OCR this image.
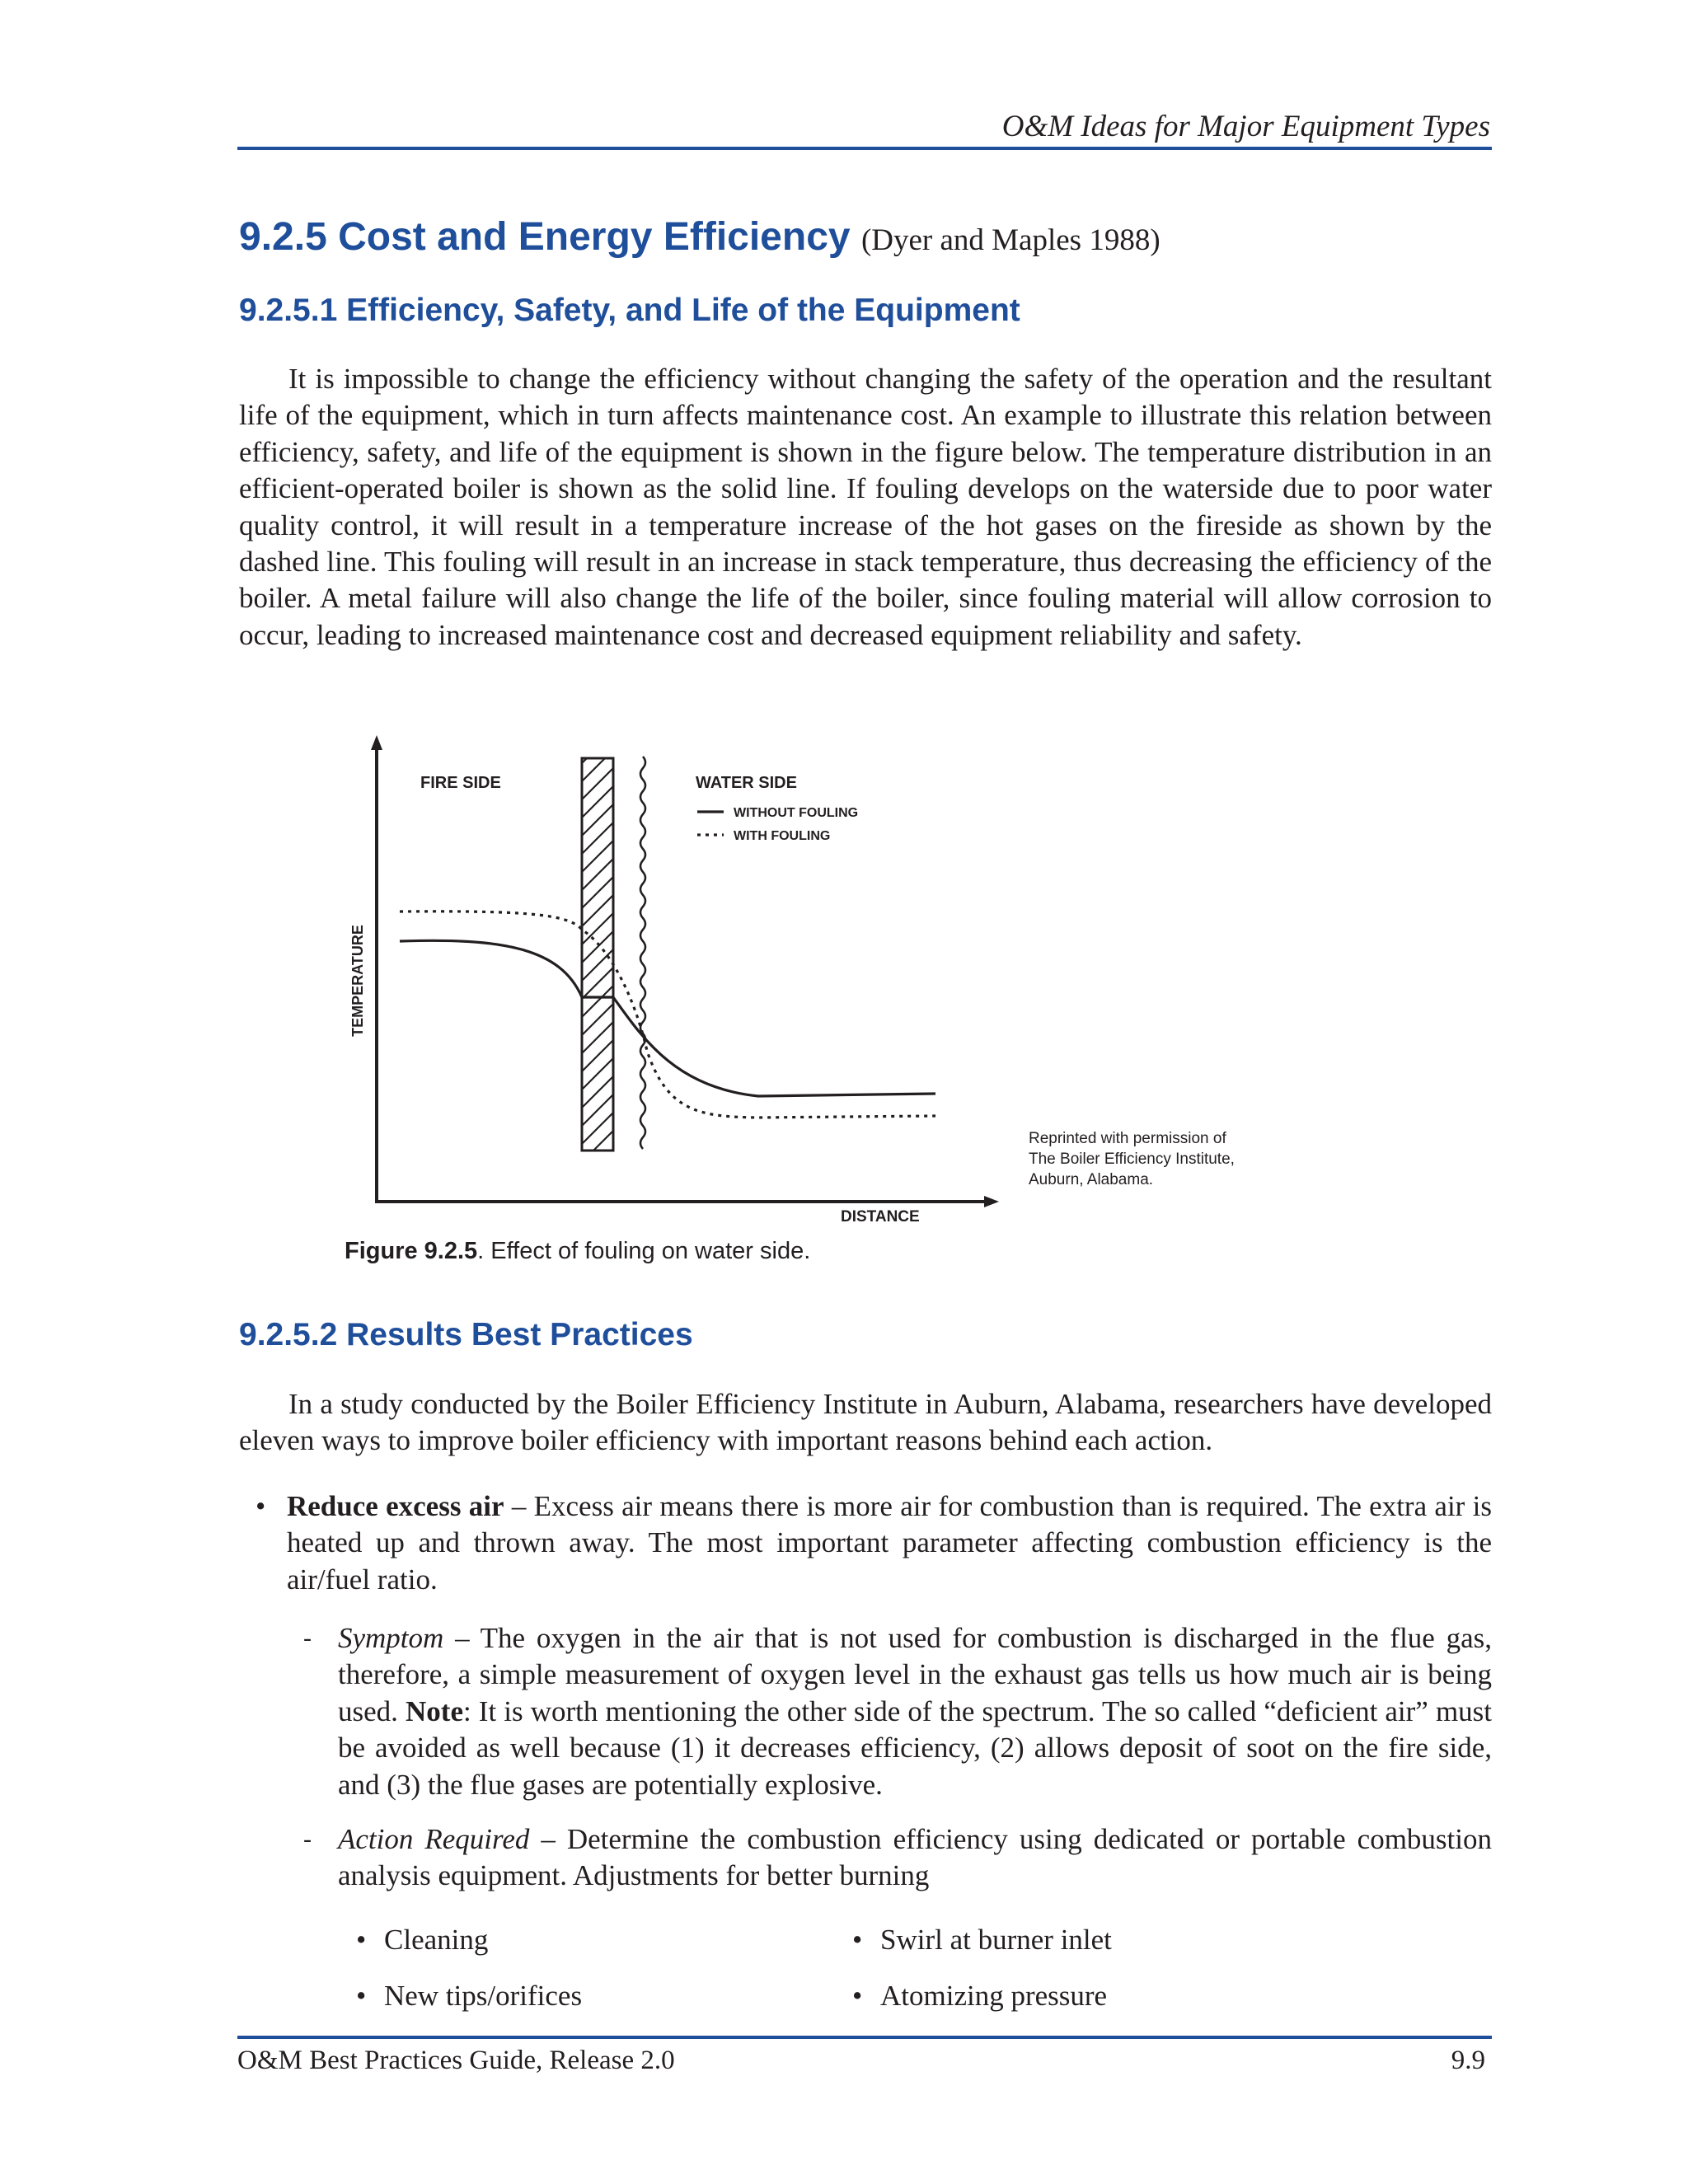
O&M Ideas for Major Equipment Types
9.2.5 Cost and Energy Efficiency (Dyer and Maples 1988)
9.2.5.1 Efficiency, Safety, and Life of the Equipment

It is impossible to change the efficiency without changing the safety of the operation and the resultant life of the equipment, which in turn affects maintenance cost. An example to illustrate this relation between efficiency, safety, and life of the equipment is shown in the figure below. The temperature distribution in an efficient-operated boiler is shown as the solid line. If fouling develops on the waterside due to poor water quality control, it will result in a temperature increase of the hot gases on the fireside as shown by the dashed line. This fouling will result in an increase in stack temperature, thus decreasing the efficiency of the boiler. A metal failure will also change the life of the boiler, since fouling material will allow corrosion to occur, leading to increased maintenance cost and decreased equipment reliability and safety.

TEMPERATURE
FIRE SIDE	WATER SIDE
WITHOUT FOULING
WITH FOULING
DISTANCE
Reprinted with permission of
The Boiler Efficiency Institute,
Auburn, Alabama.
Figure 9.2.5. Effect of fouling on water side.
9.2.5.2 Results Best Practices

In a study conducted by the Boiler Efficiency Institute in Auburn, Alabama, researchers have developed eleven ways to improve boiler efficiency with important reasons behind each action.

• Reduce excess air – Excess air means there is more air for combustion than is required. The extra air is heated up and thrown away. The most important parameter affecting combustion efficiency is the air/fuel ratio.

- Symptom – The oxygen in the air that is not used for combustion is discharged in the flue gas, therefore, a simple measurement of oxygen level in the exhaust gas tells us how much air is being used. Note: It is worth mentioning the other side of the spectrum. The so called “deficient air” must be avoided as well because (1) it decreases efficiency, (2) allows deposit of soot on the fire side, and (3) the flue gases are potentially explosive.

- Action Required – Determine the combustion efficiency using dedicated or portable combustion analysis equipment. Adjustments for better burning

• Cleaning	• Swirl at burner inlet
• New tips/orifices	• Atomizing pressure
O&M Best Practices Guide, Release 2.0	9.9
